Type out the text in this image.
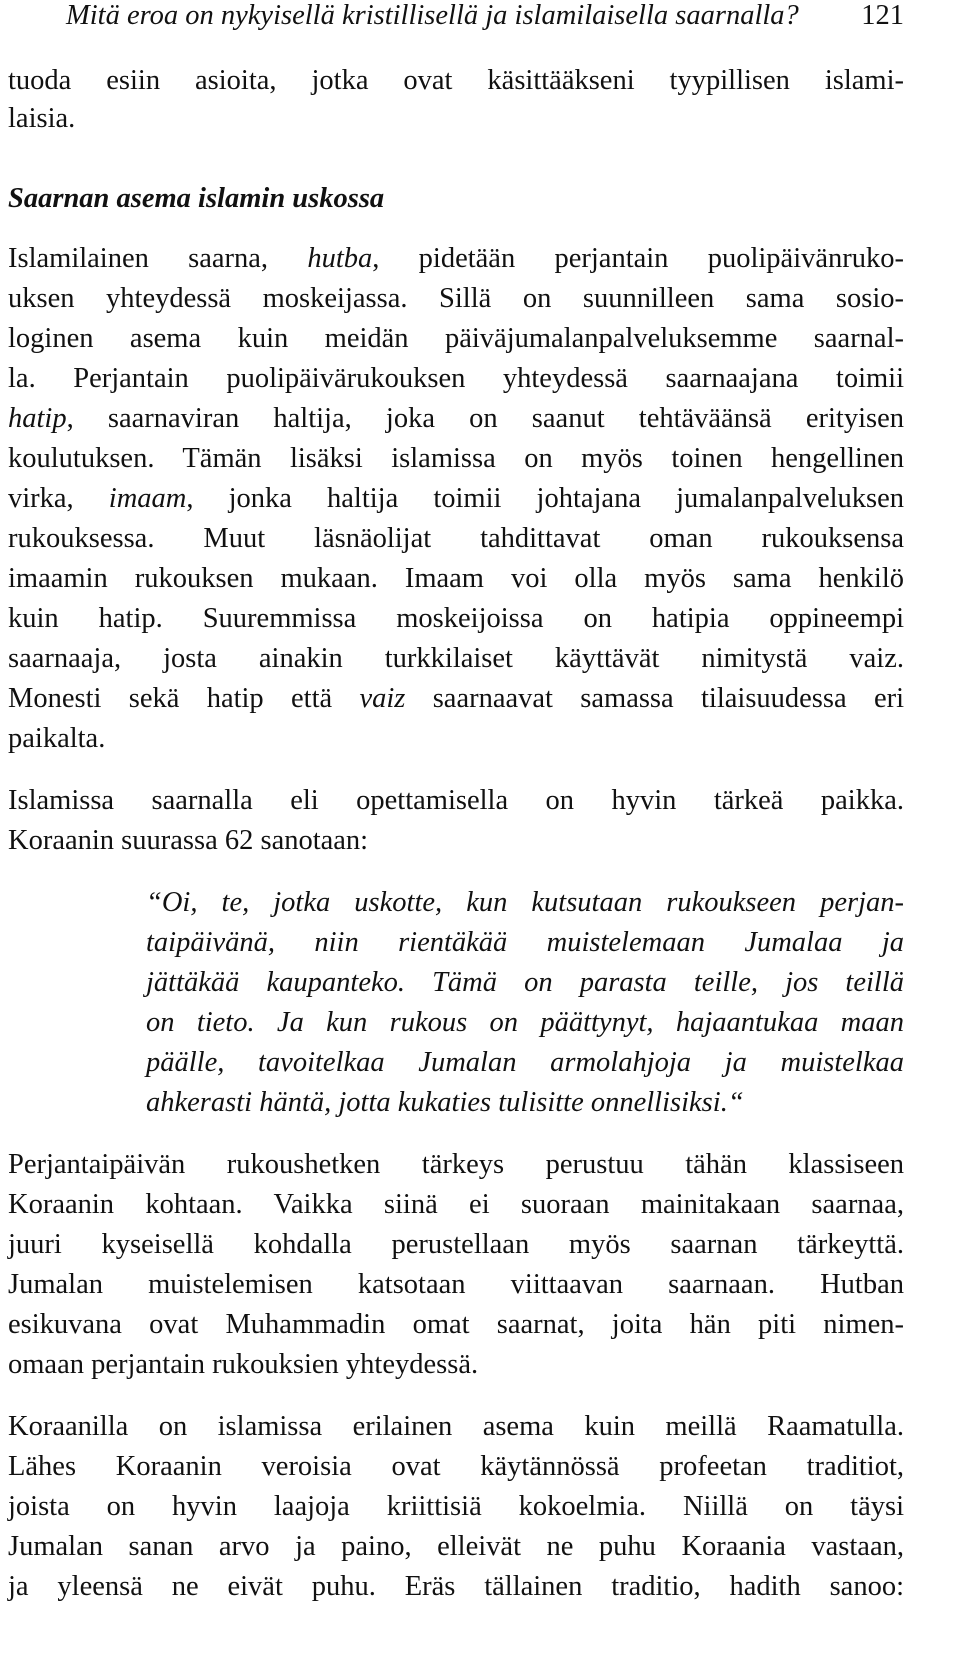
Mitä eroa on nykyisellä kristillisellä ja islamilaisella saarnalla? 121
tuoda esiin asioita, jotka ovat käsittääkseni tyypillisen islami-
laisia.
Saarnan asema islamin uskossa
Islamilainen saarna, hutba, pidetään perjantain puolipäivänruko-
uksen yhteydessä moskeijassa. Sillä on suunnilleen sama sosio-
loginen asema kuin meidän päiväjumalanpalveluksemme saarnal-
la. Perjantain puolipäivärukouksen yhteydessä saarnaajana toimii
hatip, saarnaviran haltija, joka on saanut tehtäväänsä erityisen
koulutuksen. Tämän lisäksi islamissa on myös toinen hengellinen
virka, imaam, jonka haltija toimii johtajana jumalanpalveluksen
rukouksessa. Muut läsnäolijat tahdittavat oman rukouksensa
imaamin rukouksen mukaan. Imaam voi olla myös sama henkilö
kuin hatip. Suuremmissa moskeijoissa on hatipia oppineempi
saarnaaja, josta ainakin turkkilaiset käyttävät nimitystä vaiz.
Monesti sekä hatip että vaiz saarnaavat samassa tilaisuudessa eri
paikalta.
Islamissa saarnalla eli opettamisella on hyvin tärkeä paikka.
Koraanin suurassa 62 sanotaan:
“Oi, te, jotka uskotte, kun kutsutaan rukoukseen perjan-
taipäivänä, niin rientäkää muistelemaan Jumalaa ja
jättäkää kaupanteko. Tämä on parasta teille, jos teillä
on tieto. Ja kun rukous on päättynyt, hajaantukaa maan
päälle, tavoitelkaa Jumalan armolahjoja ja muistelkaa
ahkerasti häntä, jotta kukaties tulisitte onnellisiksi.“
Perjantaipäivän rukoushetken tärkeys perustuu tähän klassiseen
Koraanin kohtaan. Vaikka siinä ei suoraan mainitakaan saarnaa,
juuri kyseisellä kohdalla perustellaan myös saarnan tärkeyttä.
Jumalan muistelemisen katsotaan viittaavan saarnaan. Hutban
esikuvana ovat Muhammadin omat saarnat, joita hän piti nimen-
omaan perjantain rukouksien yhteydessä.
Koraanilla on islamissa erilainen asema kuin meillä Raamatulla.
Lähes Koraanin veroisia ovat käytännössä profeetan traditiot,
joista on hyvin laajoja kriittisiä kokoelmia. Niillä on täysi
Jumalan sanan arvo ja paino, elleivät ne puhu Koraania vastaan,
ja yleensä ne eivät puhu. Eräs tällainen traditio, hadith sanoo:
